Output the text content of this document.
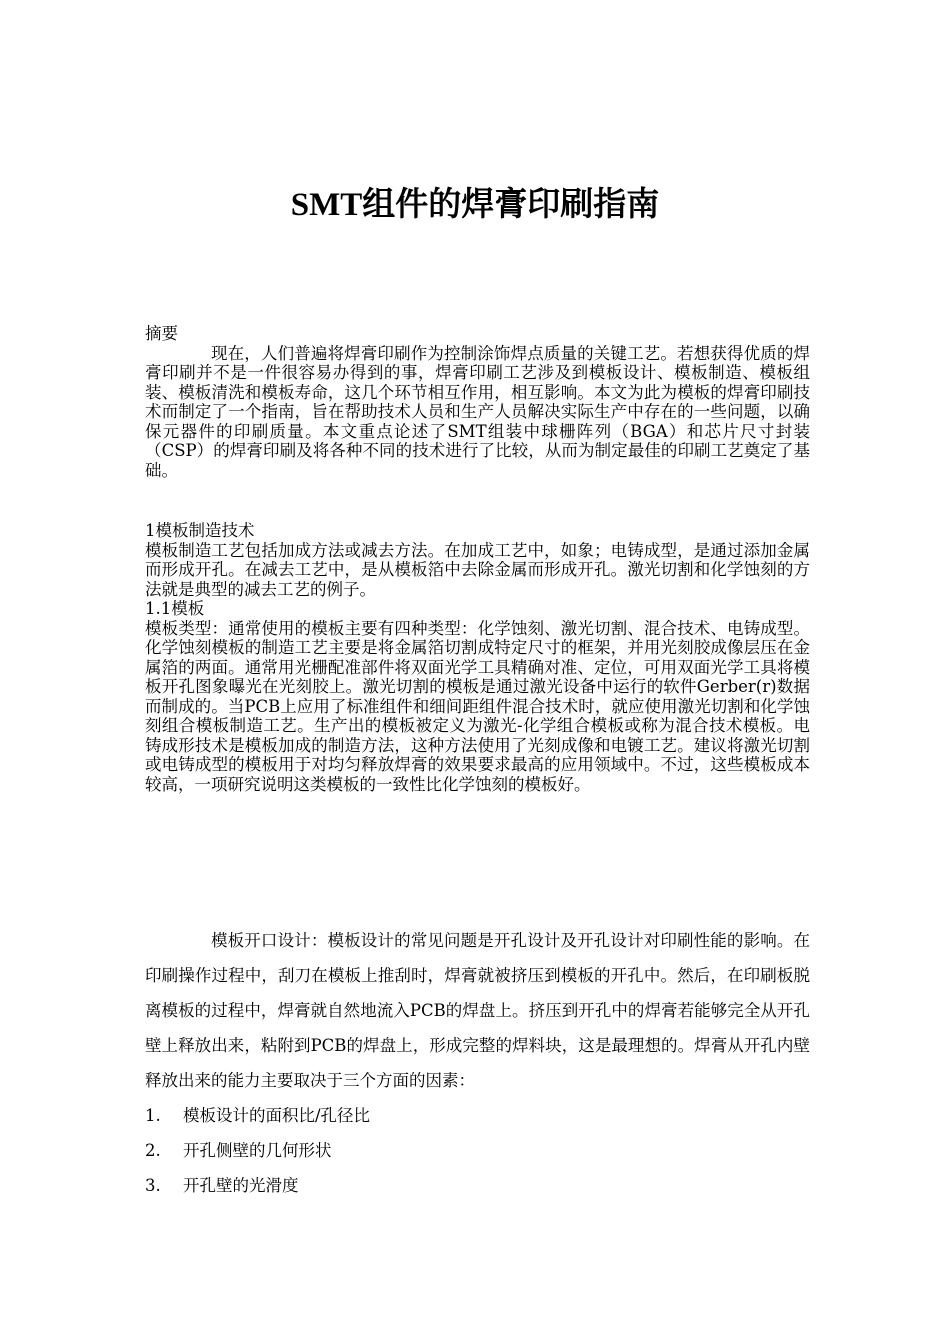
SMT组件的焊膏印刷指南

摘要

现在，人们普遍将焊膏印刷作为控制涂饰焊点质量的关键工艺。若想获得优质的焊膏印刷并不是一件很容易办得到的事，焊膏印刷工艺涉及到模板设计、模板制造、模板组装、模板清洗和模板寿命，这几个环节相互作用，相互影响。本文为此为模板的焊膏印刷技术而制定了一个指南，旨在帮助技术人员和生产人员解决实际生产中存在的一些问题，以确保元器件的印刷质量。本文重点论述了SMT组装中球栅阵列（BGA）和芯片尺寸封装（CSP）的焊膏印刷及将各种不同的技术进行了比较，从而为制定最佳的印刷工艺奠定了基础。

1模板制造技术

模板制造工艺包括加成方法或减去方法。在加成工艺中，如象；电铸成型，是通过添加金属而形成开孔。在减去工艺中，是从模板箔中去除金属而形成开孔。激光切割和化学蚀刻的方法就是典型的减去工艺的例子。

1.1模板

模板类型：通常使用的模板主要有四种类型：化学蚀刻、激光切割、混合技术、电铸成型。化学蚀刻模板的制造工艺主要是将金属箔切割成特定尺寸的框架，并用光刻胶成像层压在金属箔的两面。通常用光栅配准部件将双面光学工具精确对准、定位，可用双面光学工具将模板开孔图象曝光在光刻胶上。激光切割的模板是通过激光设备中运行的软件Gerber(r)数据而制成的。当PCB上应用了标准组件和细间距组件混合技术时，就应使用激光切割和化学蚀刻组合模板制造工艺。生产出的模板被定义为激光-化学组合模板或称为混合技术模板。电铸成形技术是模板加成的制造方法，这种方法使用了光刻成像和电镀工艺。建议将激光切割或电铸成型的模板用于对均匀释放焊膏的效果要求最高的应用领域中。不过，这些模板成本较高，一项研究说明这类模板的一致性比化学蚀刻的模板好。

模板开口设计：模板设计的常见问题是开孔设计及开孔设计对印刷性能的影响。在印刷操作过程中，刮刀在模板上推刮时，焊膏就被挤压到模板的开孔中。然后，在印刷板脱离模板的过程中，焊膏就自然地流入PCB的焊盘上。挤压到开孔中的焊膏若能够完全从开孔壁上释放出来，粘附到PCB的焊盘上，形成完整的焊料块，这是最理想的。焊膏从开孔内壁释放出来的能力主要取决于三个方面的因素：

1.	模板设计的面积比/孔径比
2.	开孔侧壁的几何形状
3.	开孔壁的光滑度
